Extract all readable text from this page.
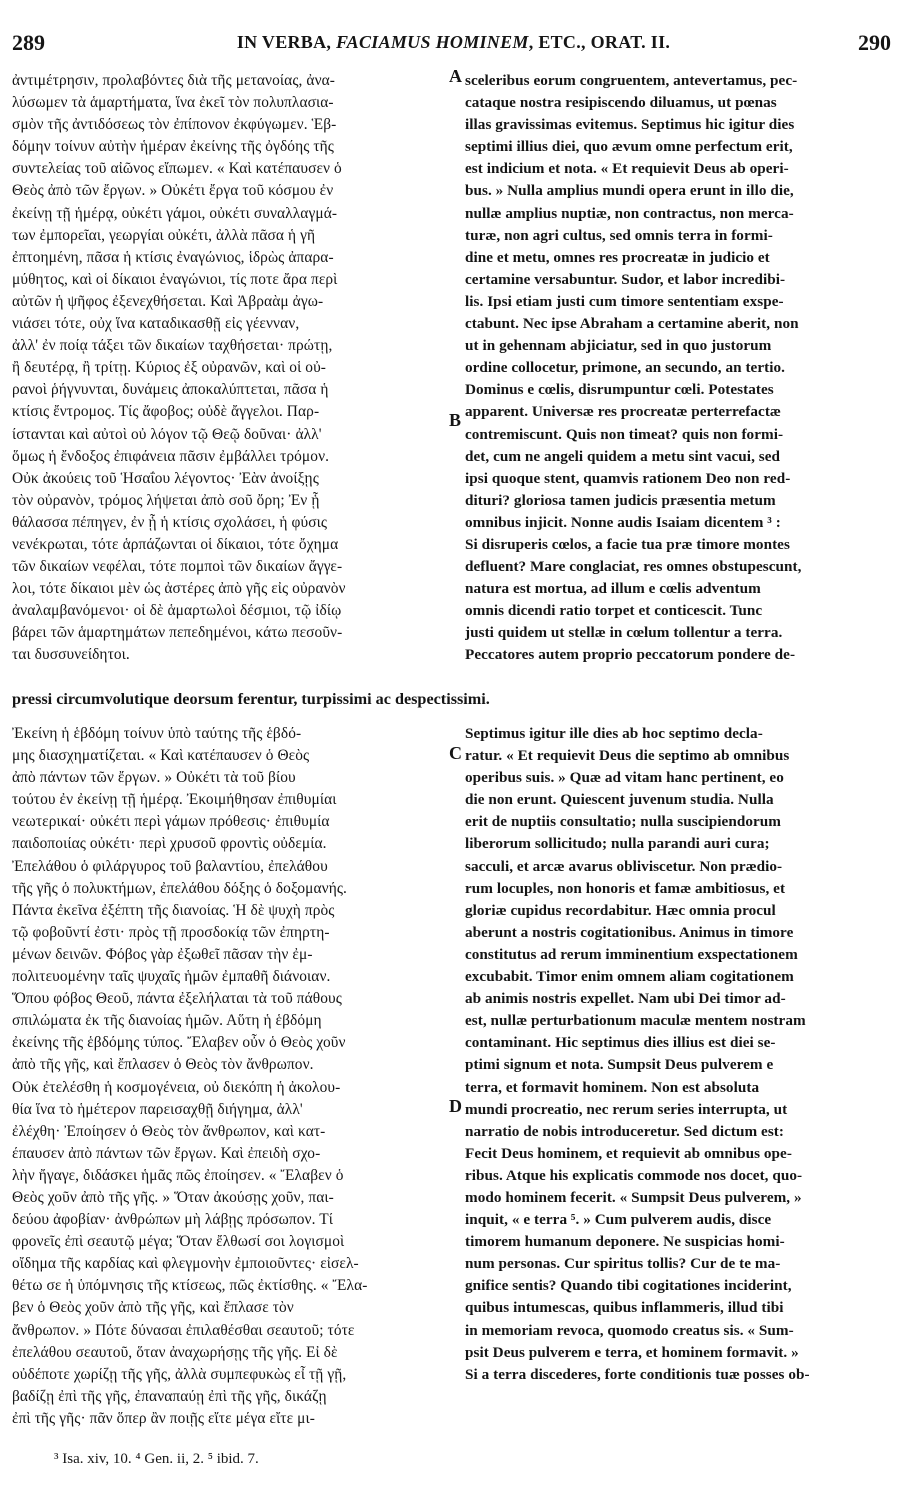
289	IN VERBA, FACIAMUS HOMINEM, ETC., ORAT. II.	290
ἀντιμέτρησιν, προλαβόντες διὰ τῆς μετανοίας, ἀνα-
λύσωμεν τὰ ἁμαρτήματα, ἵνα ἐκεῖ τὸν πολυπλασια-
σμὸν τῆς ἀντιδόσεως τὸν ἐπίπονον ἐκφύγωμεν. Ἑβ-
δόμην τοίνυν αὐτὴν ἡμέραν ἐκείνης τῆς ὀγδόης τῆς
συντελείας τοῦ αἰῶνος εἴπωμεν. « Καὶ κατέπαυσεν ὁ
Θεὸς ἀπὸ τῶν ἔργων. » Οὐκέτι ἔργα τοῦ κόσμου ἐν
ἐκείνῃ τῇ ἡμέρᾳ, οὐκέτι γάμοι, οὐκέτι συναλλαγμά-
των ἐμπορεῖαι, γεωργίαι οὐκέτι, ἀλλὰ πᾶσα ἡ γῆ
ἐπτοημένη, πᾶσα ἡ κτίσις ἐναγώνιος, ἱδρὼς ἀπαρα-
μύθητος, καὶ οἱ δίκαιοι ἐναγώνιοι, τίς ποτε ἄρα περὶ
αὐτῶν ἡ ψῆφος ἐξενεχθήσεται. Καὶ Ἀβραὰμ ἀγω-
νιάσει τότε, οὐχ ἵνα καταδικασθῇ εἰς γέενναν,
ἀλλ' ἐν ποίᾳ τάξει τῶν δικαίων ταχθήσεται· πρώτῃ,
ἢ δευτέρᾳ, ἢ τρίτῃ. Κύριος ἐξ οὐρανῶν, καὶ οἱ οὐ-
ρανοὶ ῥήγνυνται, δυνάμεις ἀποκαλύπτεται, πᾶσα ἡ
κτίσις ἔντρομος. Τίς ἄφοβος; οὐδὲ ἄγγελοι. Παρ-
ίστανται καὶ αὐτοὶ οὐ λόγον τῷ Θεῷ δοῦναι· ἀλλ'
ὅμως ἡ ἔνδοξος ἐπιφάνεια πᾶσιν ἐμβάλλει τρόμον.
Οὐκ ἀκούεις τοῦ Ἡσαΐου λέγοντος· Ἐὰν ἀνοίξῃς
τὸν οὐρανὸν, τρόμος λήψεται ἀπὸ σοῦ ὄρη; Ἐν ᾗ
θάλασσα πέπηγεν, ἐν ᾗ ἡ κτίσις σχολάσει, ἡ φύσις
νενέκρωται, τότε ἁρπάζωνται οἱ δίκαιοι, τότε ὄχημα
τῶν δικαίων νεφέλαι, τότε πομποὶ τῶν δικαίων ἄγγε-
λοι, τότε δίκαιοι μὲν ὡς ἀστέρες ἀπὸ γῆς εἰς οὐρανὸν
ἀναλαμβανόμενοι· οἱ δὲ ἁμαρτωλοὶ δέσμιοι, τῷ ἰδίῳ
βάρει τῶν ἁμαρτημάτων πεπεδημένοι, κάτω πεσοῦν-
ται δυσσυνείδητοι.
sceleribus eorum congruentem, antevertamus, pec-
cataque nostra resipiscendo diluamus, ut pœnas
illas gravissimas evitemus. Septimus hic igitur dies
septimi illius diei, quo ævum omne perfectum erit,
est indicium et nota. « Et requievit Deus ab operi-
bus. » Nulla amplius mundi opera erunt in illo die,
nullæ amplius nuptiæ, non contractus, non merca-
turæ, non agri cultus, sed omnis terra in formi-
dine et metu, omnes res procreatæ in judicio et
certamine versabuntur. Sudor, et labor incredibi-
lis. Ipsi etiam justi cum timore sententiam exspe-
ctabunt. Nec ipse Abraham a certamine aberit, non
ut in gehennam abjiciatur, sed in quo justorum
ordine collocetur, primone, an secundo, an tertio.
Dominus e cœlis, disrumpuntur cœli. Potestates
apparent. Universæ res procreatæ perterrefactæ
contremiscunt. Quis non timeat? quis non formi-
det, cum ne angeli quidem a metu sint vacui, sed
ipsi quoque stent, quamvis rationem Deo non red-
dituri? gloriosa tamen judicis præsentia metum
omnibus injicit. Nonne audis Isaiam dicentem ³ :
Si disruperis cœlos, a facie tua præ timore montes
defluent? Mare conglaciat, res omnes obstupescunt,
natura est mortua, ad illum e cœlis adventum
omnis dicendi ratio torpet et conticescit. Tunc
justi quidem ut stellæ in cœlum tollentur a terra.
Peccatores autem proprio peccatorum pondere de-
pressi circumvolutique deorsum ferentur, turpissimi ac despectissimi.
Ἐκείνη ἡ ἑβδόμη τοίνυν ὑπὸ ταύτης τῆς ἑβδό-
μης διασχηματίζεται. « Καὶ κατέπαυσεν ὁ Θεὸς
ἀπὸ πάντων τῶν ἔργων. » Οὐκέτι τὰ τοῦ βίου
τούτου ἐν ἐκείνῃ τῇ ἡμέρᾳ. Ἐκοιμήθησαν ἐπιθυμίαι
νεωτερικαί· οὐκέτι περὶ γάμων πρόθεσις· ἐπιθυμία
παιδοποιίας οὐκέτι· περὶ χρυσοῦ φροντὶς οὐδεμία.
Ἐπελάθου ὁ φιλάργυρος τοῦ βαλαντίου, ἐπελάθου
τῆς γῆς ὁ πολυκτήμων, ἐπελάθου δόξης ὁ δοξομανής.
Πάντα ἐκεῖνα ἐξέπτη τῆς διανοίας. Ἡ δὲ ψυχὴ πρὸς
τῷ φοβοῦντί ἐστι· πρὸς τῇ προσδοκίᾳ τῶν ἐπηρτη-
μένων δεινῶν. Φόβος γὰρ ἐξωθεῖ πᾶσαν τὴν ἐμ-
πολιτευομένην ταῖς ψυχαῖς ἡμῶν ἐμπαθῆ διάνοιαν.
Ὅπου φόβος Θεοῦ, πάντα ἐξελήλαται τὰ τοῦ πάθους
σπιλώματα ἐκ τῆς διανοίας ἡμῶν. Αὕτη ἡ ἑβδόμη
ἐκείνης τῆς ἑβδόμης τύπος. Ἔλαβεν οὖν ὁ Θεὸς χοῦν
ἀπὸ τῆς γῆς, καὶ ἔπλασεν ὁ Θεὸς τὸν ἄνθρωπον.
Οὐκ ἐτελέσθη ἡ κοσμογένεια, οὐ διεκόπη ἡ ἀκολου-
θία ἵνα τὸ ἡμέτερον παρεισαχθῇ διήγημα, ἀλλ'
ἐλέχθη· Ἐποίησεν ὁ Θεὸς τὸν ἄνθρωπον, καὶ κατ-
έπαυσεν ἀπὸ πάντων τῶν ἔργων. Καὶ ἐπειδὴ σχο-
λὴν ἤγαγε, διδάσκει ἡμᾶς πῶς ἐποίησεν. « Ἔλαβεν ὁ
Θεὸς χοῦν ἀπὸ τῆς γῆς. » Ὅταν ἀκούσῃς χοῦν, παι-
δεύου ἀφοβίαν· ἀνθρώπων μὴ λάβῃς πρόσωπον. Τί
φρονεῖς ἐπὶ σεαυτῷ μέγα; Ὅταν ἔλθωσί σοι λογισμοὶ
οἴδημα τῆς καρδίας καὶ φλεγμονὴν ἐμποιοῦντες· εἰσελ-
θέτω σε ἡ ὑπόμνησις τῆς κτίσεως, πῶς ἐκτίσθης. « Ἔλα-
βεν ὁ Θεὸς χοῦν ἀπὸ τῆς γῆς, καὶ ἔπλασε τὸν
ἄνθρωπον. » Πότε δύνασαι ἐπιλαθέσθαι σεαυτοῦ; τότε
ἐπελάθου σεαυτοῦ, ὅταν ἀναχωρήσῃς τῆς γῆς. Εἰ δὲ
οὐδέποτε χωρίζῃ τῆς γῆς, ἀλλὰ συμπεφυκὼς εἶ τῇ γῇ,
βαδίζῃ ἐπὶ τῆς γῆς, ἐπαναπαύῃ ἐπὶ τῆς γῆς, δικάζῃ
ἐπὶ τῆς γῆς· πᾶν ὅπερ ἂν ποιῇς εἴτε μέγα εἴτε μι-
Septimus igitur ille dies ab hoc septimo decla-
ratur. « Et requievit Deus die septimo ab omnibus
operibus suis. » Quæ ad vitam hanc pertinent, eo
die non erunt. Quiescent juvenum studia. Nulla
erit de nuptiis consultatio; nulla suscipiendorum
liberorum sollicitudo; nulla parandi auri cura;
sacculi, et arcæ avarus obliviscetur. Non prædio-
rum locuples, non honoris et famæ ambitiosus, et
gloriæ cupidus recordabitur. Hæc omnia procul
aberunt a nostris cogitationibus. Animus in timore
constitutus ad rerum imminentium exspectationem
excubabit. Timor enim omnem aliam cogitationem
ab animis nostris expellet. Nam ubi Dei timor ad-
est, nullæ perturbationum maculæ mentem nostram
contaminant. Hic septimus dies illius est diei se-
ptimi signum et nota. Sumpsit Deus pulverem e
terra, et formavit hominem. Non est absoluta
mundi procreatio, nec rerum series interrupta, ut
narratio de nobis introduceretur. Sed dictum est:
Fecit Deus hominem, et requievit ab omnibus ope-
ribus. Atque his explicatis commode nos docet, quo-
modo hominem fecerit. « Sumpsit Deus pulverem, »
inquit, « e terra ⁵. » Cum pulverem audis, disce
timorem humanum deponere. Ne suspicias homi-
num personas. Cur spiritus tollis? Cur de te ma-
gnifice sentis? Quando tibi cogitationes inciderint,
quibus intumescas, quibus inflammeris, illud tibi
in memoriam revoca, quomodo creatus sis. « Sum-
psit Deus pulverem e terra, et hominem formavit. »
Si a terra discederes, forte conditionis tuæ posses ob-
A
B
C
D
³ Isa. xiv, 10. ⁴ Gen. ii, 2. ⁵ ibid. 7.
